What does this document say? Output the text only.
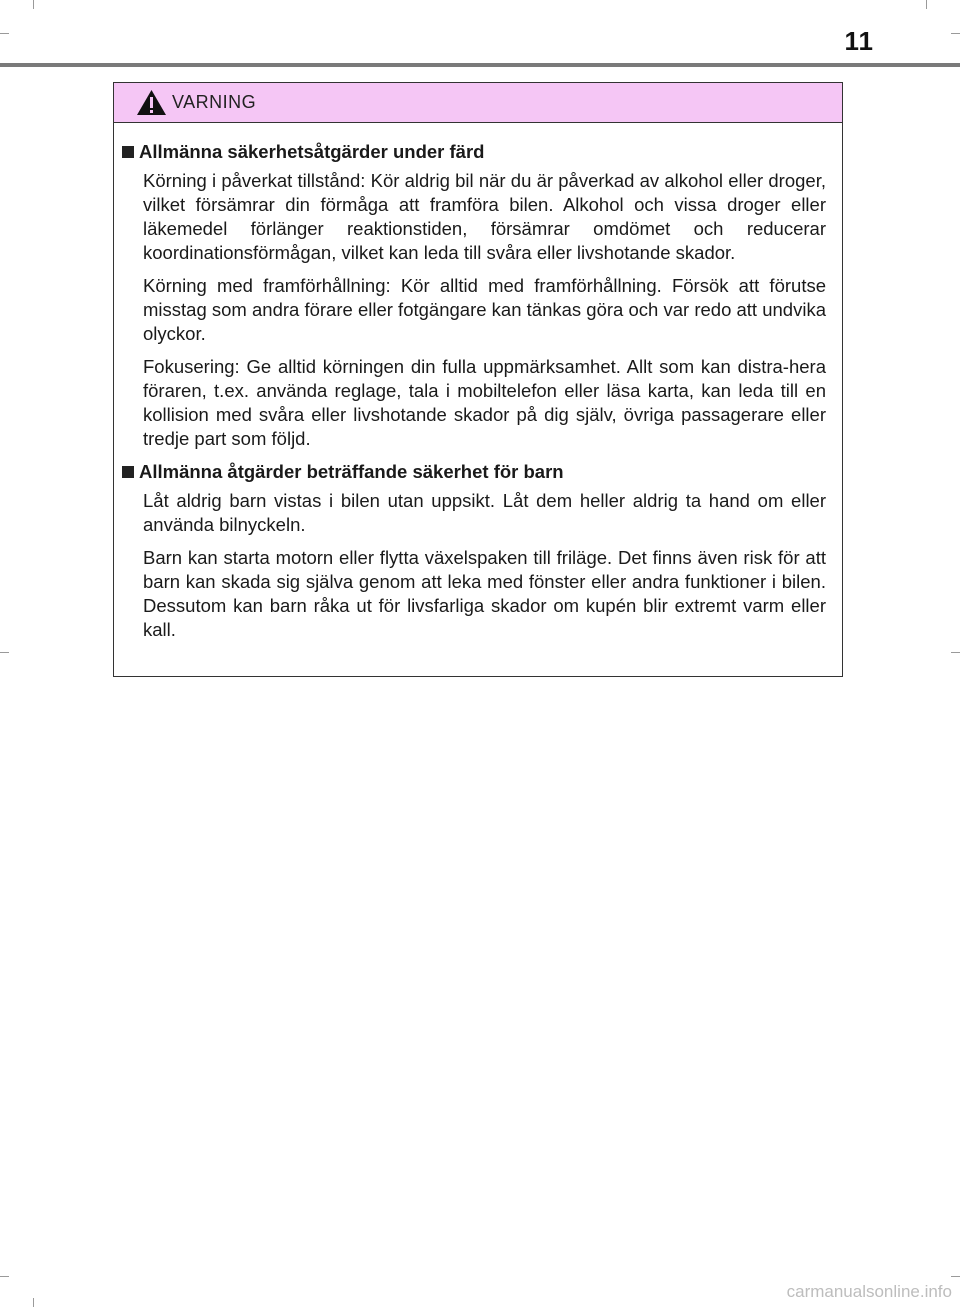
11
VARNING
Allmänna säkerhetsåtgärder under färd

Körning i påverkat tillstånd: Kör aldrig bil när du är påverkad av alkohol eller droger, vilket försämrar din förmåga att framföra bilen. Alkohol och vissa droger eller läkemedel förlänger reaktionstiden, försämrar omdömet och reducerar koordinationsförmågan, vilket kan leda till svåra eller livshotande skador.

Körning med framförhållning: Kör alltid med framförhållning. Försök att förutse misstag som andra förare eller fotgängare kan tänkas göra och var redo att undvika olyckor.

Fokusering: Ge alltid körningen din fulla uppmärksamhet. Allt som kan distra-hera föraren, t.ex. använda reglage, tala i mobiltelefon eller läsa karta, kan leda till en kollision med svåra eller livshotande skador på dig själv, övriga passagerare eller tredje part som följd.

Allmänna åtgärder beträffande säkerhet för barn

Låt aldrig barn vistas i bilen utan uppsikt. Låt dem heller aldrig ta hand om eller använda bilnyckeln.

Barn kan starta motorn eller flytta växelspaken till friläge. Det finns även risk för att barn kan skada sig själva genom att leka med fönster eller andra funktioner i bilen. Dessutom kan barn råka ut för livsfarliga skador om kupén blir extremt varm eller kall.

carmanualsonline.info
